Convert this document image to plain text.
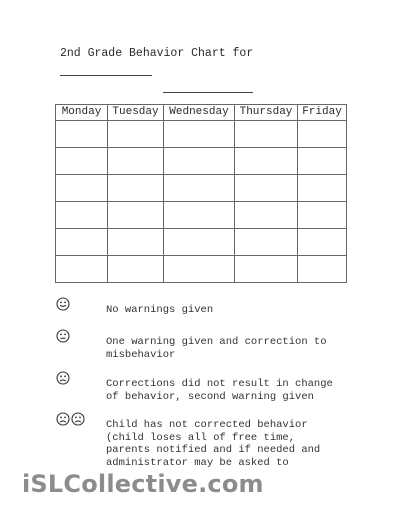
2nd Grade Behavior Chart for
Monday	Tuesday	Wednesday	Thursday	Friday

No warnings given
One warning given and correction to
misbehavior
Corrections did not result in change
of behavior, second warning given
Child has not corrected behavior
(child loses all of free time,
parents notified and if needed and
administrator may be asked to
iSLCollective.com
